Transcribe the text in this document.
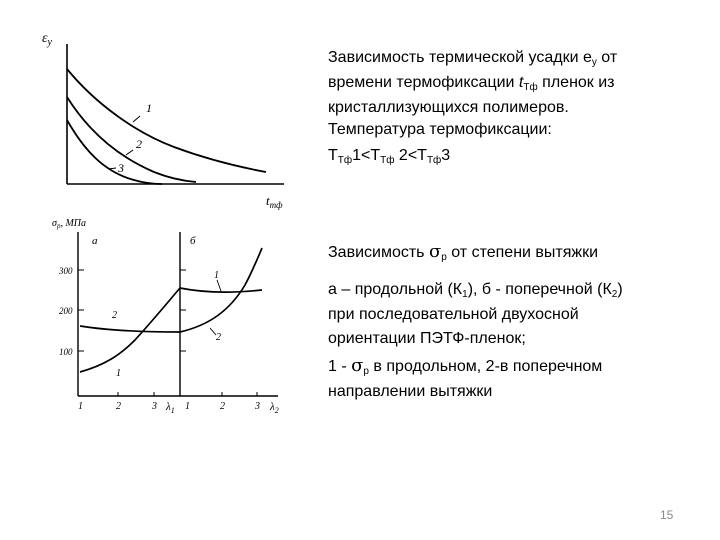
$\varepsilon_у$
$t_{тф}$
1
2
3
$\sigma_р$, МПа
300
200
100
1	2	3 $\lambda_1$ 1	2	3 $\lambda_2$
а	б
2
1
1
2
Зависимость термической усадки $е_у$ от
времени термофиксации $t_{Тф}$ пленок из
кристаллизующихся полимеров.
Температура термофиксации:
$Т_{Тф}1<Т_{Тф}$ $2<Т_{Тф}3$
Зависимость $\sigma_р$ от степени вытяжки
а – продольной $(К_1)$, б - поперечной $(К_2)$
при последовательной двухосной
ориентации ПЭТФ-пленок;
$1 - \sigma_р$ в продольном, 2-в поперечном
направлении вытяжки
15
